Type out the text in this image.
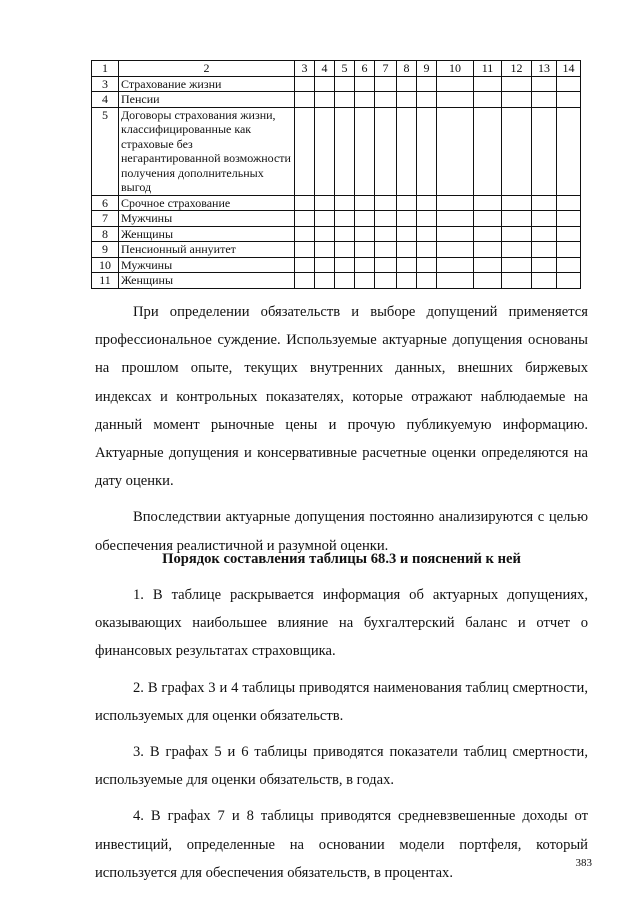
1	2	3	4	5	6	7	8	9	10	11	12	13	14
3	Страхование жизни												
4	Пенсии												
5	Договоры страхования жизни, классифицированные как страховые без негарантированной возможности получения дополнительных выгод												
6	Срочное страхование												
7	Мужчины												
8	Женщины												
9	Пенсионный аннуитет												
10	Мужчины												
11	Женщины												

При определении обязательств и выборе допущений применяется профессиональное суждение. Используемые актуарные допущения основаны на прошлом опыте, текущих внутренних данных, внешних биржевых индексах и контрольных показателях, которые отражают наблюдаемые на данный момент рыночные цены и прочую публикуемую информацию. Актуарные допущения и консервативные расчетные оценки определяются на дату оценки.

Впоследствии актуарные допущения постоянно анализируются с целью обеспечения реалистичной и разумной оценки.

Порядок составления таблицы 68.3 и пояснений к ней

1. В таблице раскрывается информация об актуарных допущениях, оказывающих наибольшее влияние на бухгалтерский баланс и отчет о финансовых результатах страховщика.

2. В графах 3 и 4 таблицы приводятся наименования таблиц смертности, используемых для оценки обязательств.

3. В графах 5 и 6 таблицы приводятся показатели таблиц смертности, используемые для оценки обязательств, в годах.

4. В графах 7 и 8 таблицы приводятся средневзвешенные доходы от инвестиций, определенные на основании модели портфеля, который используется для обеспечения обязательств, в процентах.

383
